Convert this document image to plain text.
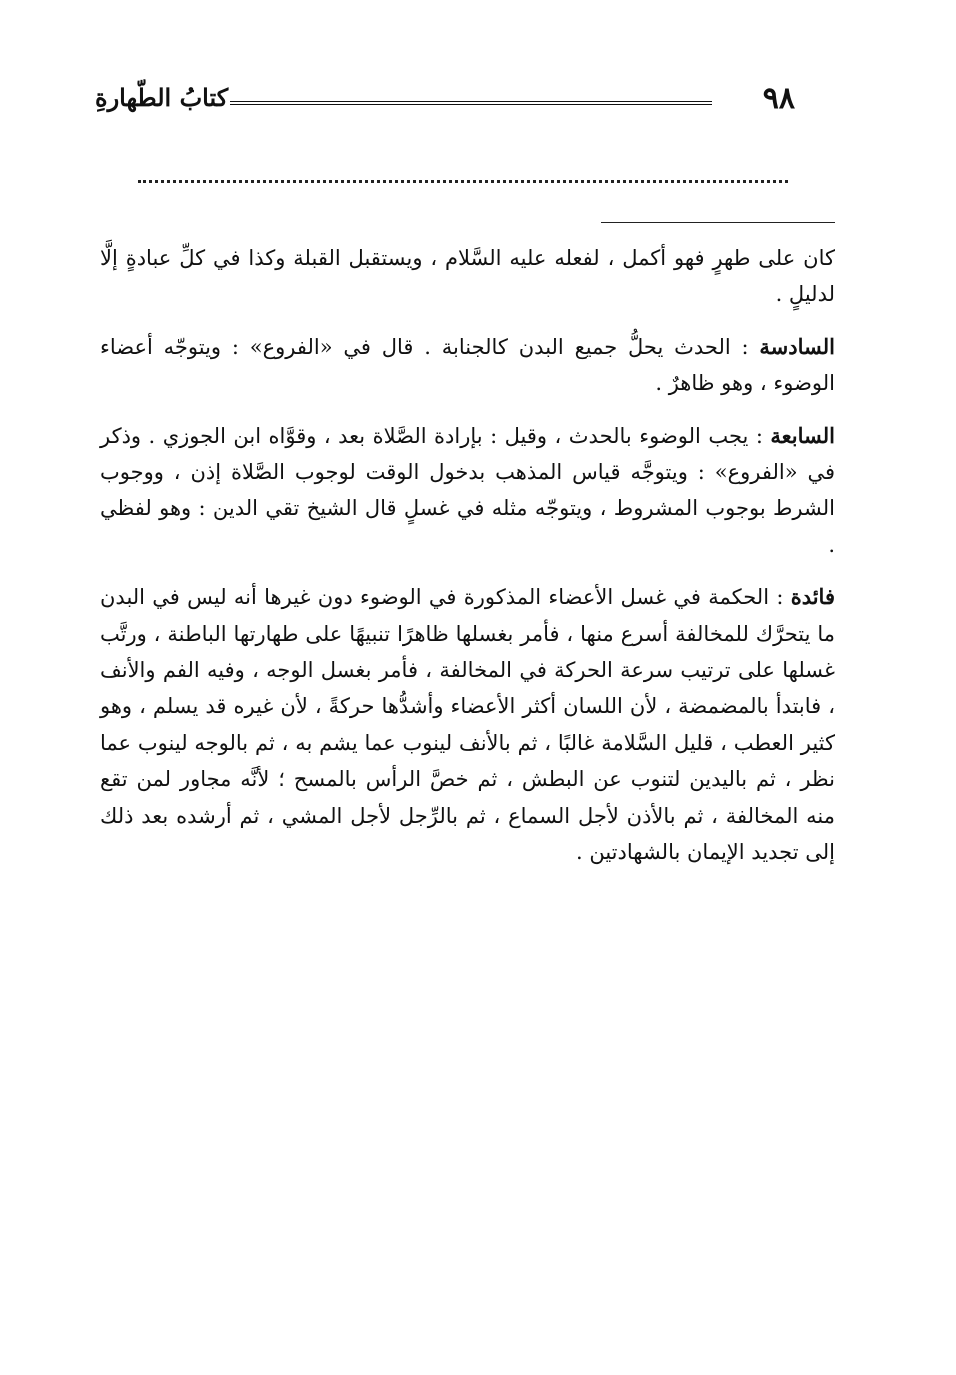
٩٨
كتابُ الطّهارةِ

كان على طهرٍ فهو أكمل ، لفعله عليه السَّلام ، ويستقبل القبلة وكذا في كلِّ عبادةٍ إلَّا لدليلٍ .

السادسة : الحدث يحلُّ جميع البدن كالجنابة . قال في «الفروع» : ويتوجّه أعضاء الوضوء ، وهو ظاهرٌ .

السابعة : يجب الوضوء بالحدث ، وقيل : بإرادة الصَّلاة بعد ، وقوَّاه ابن الجوزي . وذكر في «الفروع» : ويتوجَّه قياس المذهب بدخول الوقت لوجوب الصَّلاة إذن ، ووجوب الشرط بوجوب المشروط ، ويتوجّه مثله في غسلٍ قال الشيخ تقي الدين : وهو لفظي .

فائدة : الحكمة في غسل الأعضاء المذكورة في الوضوء دون غيرها أنه ليس في البدن ما يتحرَّك للمخالفة أسرع منها ، فأمر بغسلها ظاهرًا تنبيهًا على طهارتها الباطنة ، ورتَّب غسلها على ترتيب سرعة الحركة في المخالفة ، فأمر بغسل الوجه ، وفيه الفم والأنف ، فابتدأ بالمضمضة ، لأن اللسان أكثر الأعضاء وأشدُّها حركةً ، لأن غيره قد يسلم ، وهو كثير العطب ، قليل السَّلامة غالبًا ، ثم بالأنف لينوب عما يشم به ، ثم بالوجه لينوب عما نظر ، ثم باليدين لتنوب عن البطش ، ثم خصَّ الرأس بالمسح ؛ لأنَّه مجاور لمن تقع منه المخالفة ، ثم بالأذن لأجل السماع ، ثم بالرِّجل لأجل المشي ، ثم أرشده بعد ذلك إلى تجديد الإيمان بالشهادتين .
